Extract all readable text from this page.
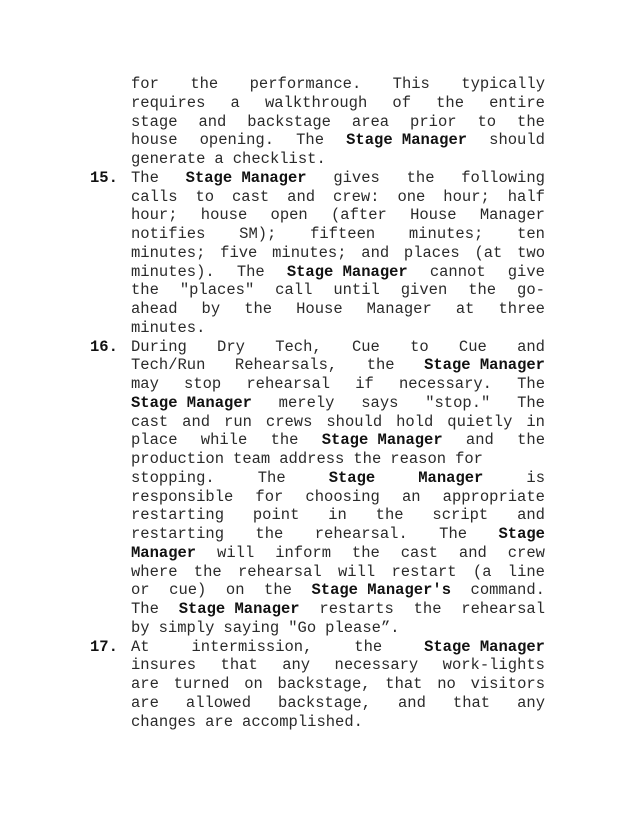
for the performance. This typically
requires a walkthrough of the entire
stage and backstage area prior to the
house opening. The Stage Manager should
generate a checklist.
15. The Stage Manager gives the following
calls to cast and crew: one hour; half
hour; house open (after House Manager
notifies SM); fifteen minutes; ten
minutes; five minutes; and places (at two
minutes). The Stage Manager cannot give
the "places" call until given the go-
ahead by the House Manager at three
minutes.
16. During Dry Tech, Cue to Cue and
Tech/Run Rehearsals, the Stage Manager
may stop rehearsal if necessary. The
Stage Manager merely says "stop." The
cast and run crews should hold quietly in
place while the Stage Manager and the
production team address the reason for
stopping.	The	Stage	Manager	is
responsible for choosing an appropriate
restarting point in the script and
restarting the rehearsal. The Stage
Manager will inform the cast and crew
where the rehearsal will restart (a line
or cue) on the Stage Manager's command.
The Stage Manager restarts the rehearsal
by simply saying "Go please”.
17. At	intermission,	the	Stage Manager
insures that any necessary work-lights
are turned on backstage, that no visitors
are allowed backstage, and that any
changes are accomplished.
